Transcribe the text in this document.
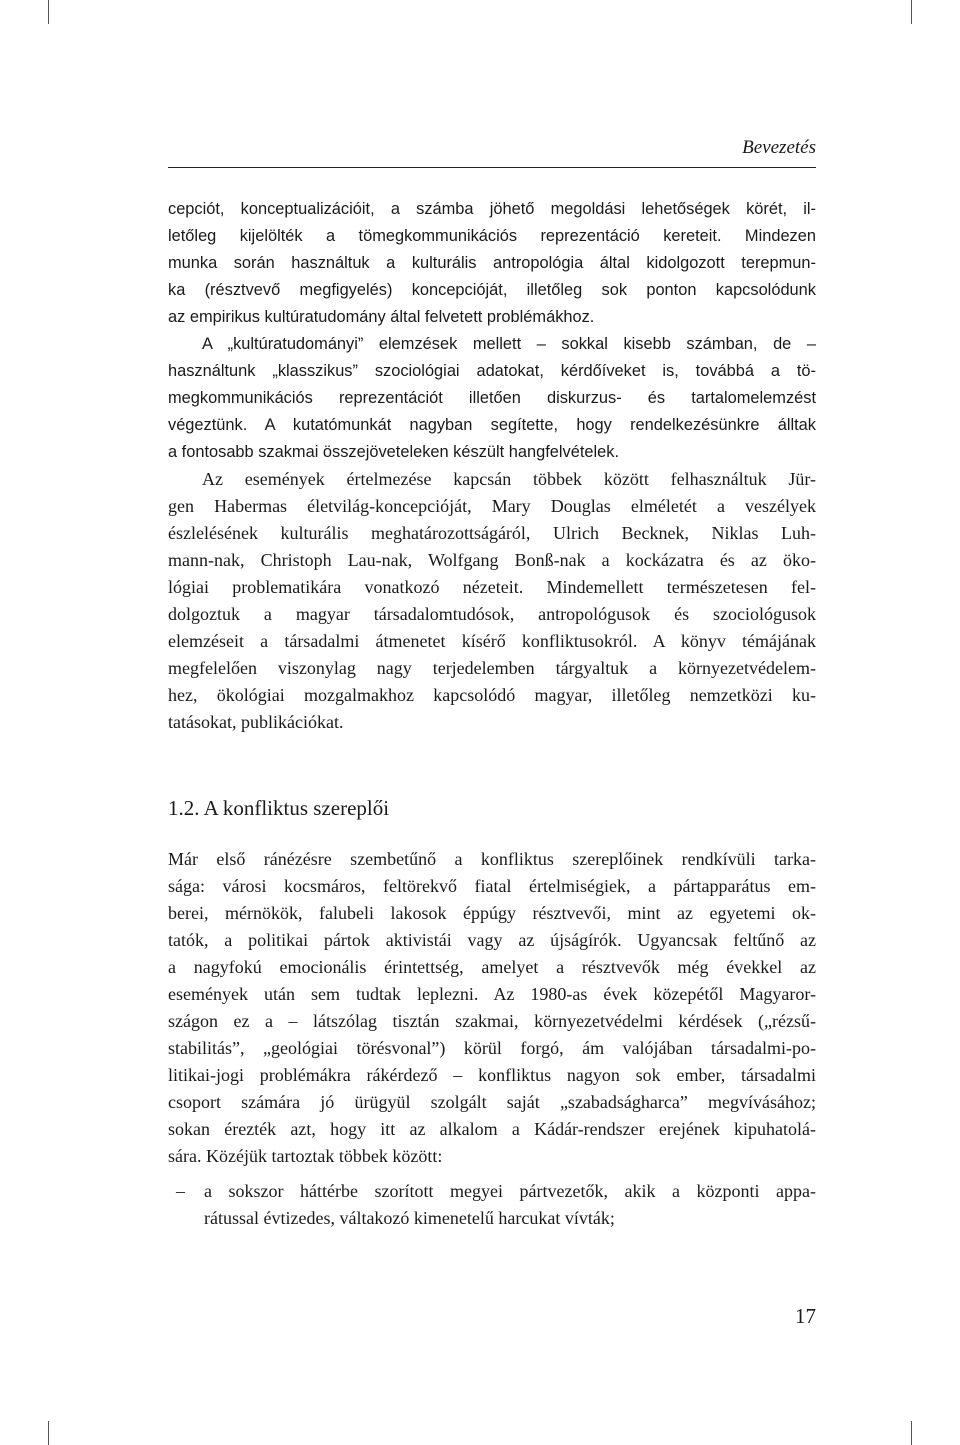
Bevezetés
cepciót, konceptualizációit, a számba jöhető megoldási lehetőségek körét, il-
letőleg kijelölték a tömegkommunikációs reprezentáció kereteit. Mindezen
munka során használtuk a kulturális antropológia által kidolgozott terepmun-
ka (résztvevő megfigyelés) koncepcióját, illetőleg sok ponton kapcsolódunk
az empirikus kultúratudomány által felvetett problémákhoz.
A „kultúratudományi” elemzések mellett – sokkal kisebb számban, de –
használtunk „klasszikus” szociológiai adatokat, kérdőíveket is, továbbá a tö-
megkommunikációs reprezentációt illetően diskurzus- és tartalomelemzést
végeztünk. A kutatómunkát nagyban segítette, hogy rendelkezésünkre álltak
a fontosabb szakmai összejöveteleken készült hangfelvételek.
Az események értelmezése kapcsán többek között felhasználtuk Jür-
gen Habermas életvilág-koncepcióját, Mary Douglas elméletét a veszélyek
észlelésének kulturális meghatározottságáról, Ulrich Becknek, Niklas Luh-
mann-nak, Christoph Lau-nak, Wolfgang Bonß-nak a kockázatra és az öko-
lógiai problematikára vonatkozó nézeteit. Mindemellett természetesen fel-
dolgoztuk a magyar társadalomtudósok, antropológusok és szociológusok
elemzéseit a társadalmi átmenetet kísérő konfliktusokról. A könyv témájának
megfelelően viszonylag nagy terjedelemben tárgyaltuk a környezetvédelem-
hez, ökológiai mozgalmakhoz kapcsolódó magyar, illetőleg nemzetközi ku-
tatásokat, publikációkat.
1.2. A konfliktus szereplői
Már első ránézésre szembetűnő a konfliktus szereplőinek rendkívüli tarka-
sága: városi kocsmáros, feltörekvő fiatal értelmiségiek, a pártapparátus em-
berei, mérnökök, falubeli lakosok éppúgy résztvevői, mint az egyetemi ok-
tatók, a politikai pártok aktivistái vagy az újságírók. Ugyancsak feltűnő az
a nagyfokú emocionális érintettség, amelyet a résztvevők még évekkel az
események után sem tudtak leplezni. Az 1980-as évek közepétől Magyaror-
szágon ez a – látszólag tisztán szakmai, környezetvédelmi kérdések („rézsű-
stabilitás”, „geológiai törésvonal”) körül forgó, ám valójában társadalmi-po-
litikai-jogi problémákra rákérdező – konfliktus nagyon sok ember, társadalmi
csoport számára jó ürügyül szolgált saját „szabadságharca” megvívásához;
sokan érezték azt, hogy itt az alkalom a Kádár-rendszer erejének kipuhatolá-
sára. Közéjük tartoztak többek között:
– a sokszor háttérbe szorított megyei pártvezetők, akik a központi appa-
rátussal évtizedes, váltakozó kimenetelű harcukat vívták;
17
